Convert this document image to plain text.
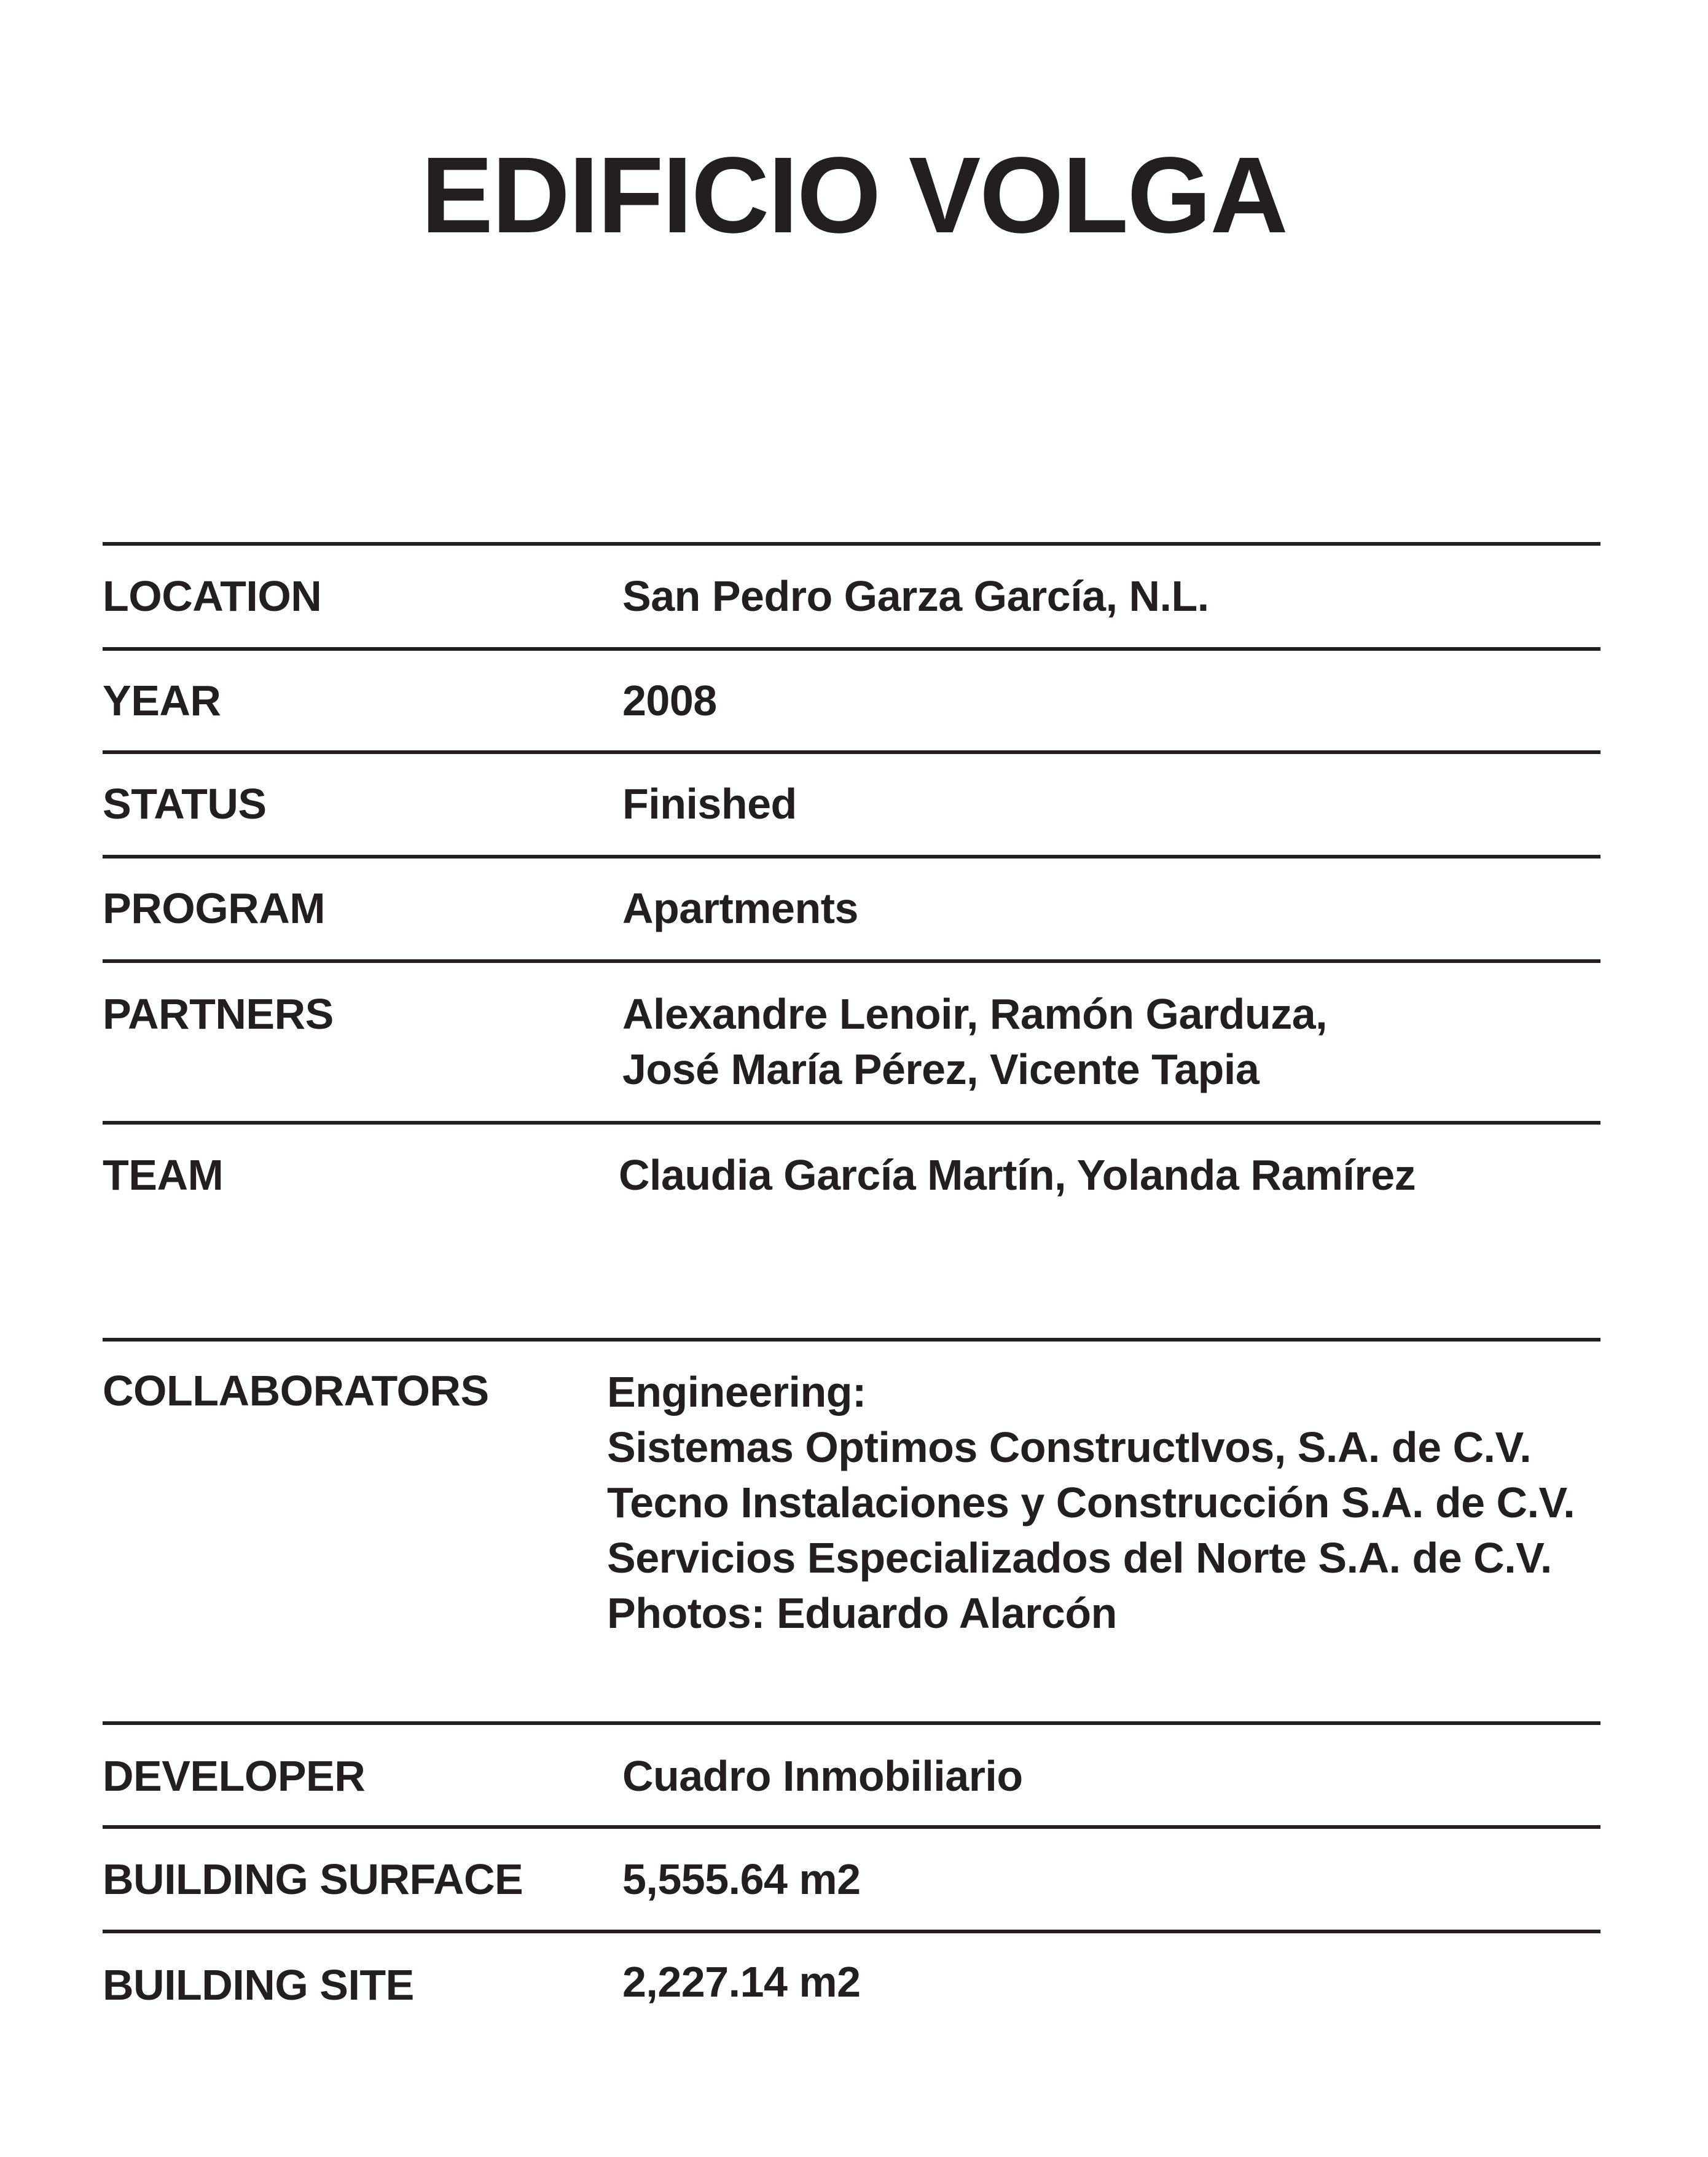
EDIFICIO VOLGA
LOCATION	San Pedro Garza García, N.L.
YEAR	2008
STATUS	Finished
PROGRAM	Apartments
PARTNERS	Alexandre Lenoir, Ramón Garduza,
José María Pérez, Vicente Tapia
TEAM	Claudia García Martín, Yolanda Ramírez
COLLABORATORS	Engineering:
Sistemas Optimos ConstructIvos, S.A. de C.V.
Tecno Instalaciones y Construcción S.A. de C.V.
Servicios Especializados del Norte S.A. de C.V.
Photos: Eduardo Alarcón
DEVELOPER	Cuadro Inmobiliario
BUILDING SURFACE 5,555.64 m2
BUILDING SITE	2,227.14 m2
